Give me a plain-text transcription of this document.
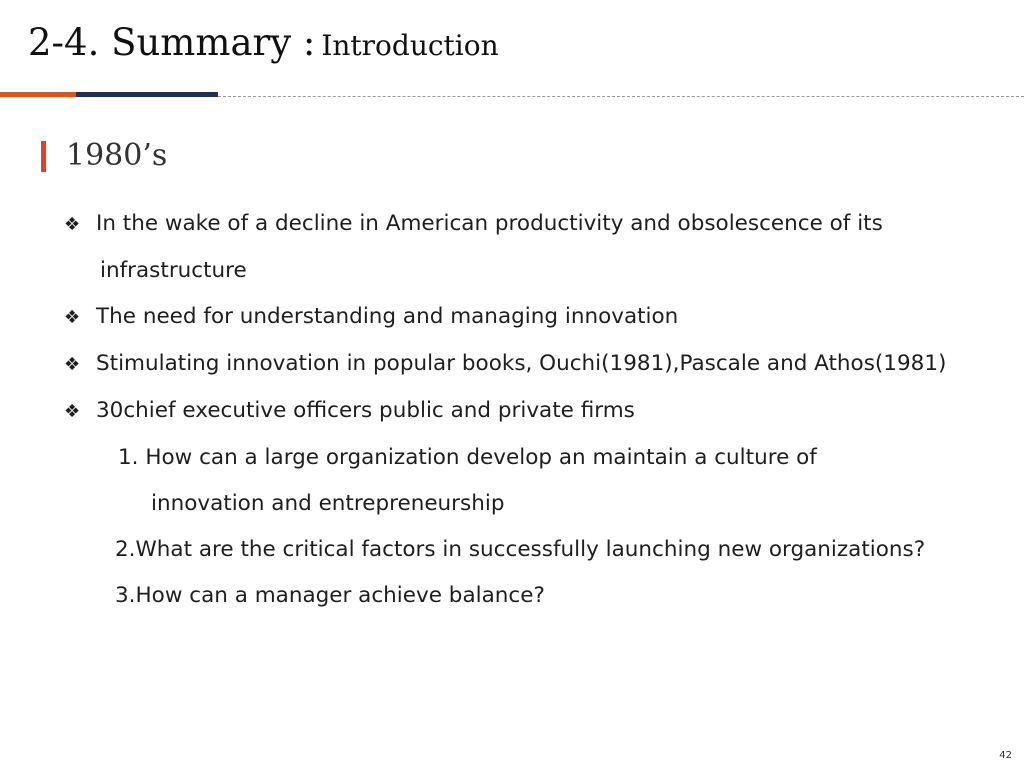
2-4. Summary : Introduction
1980’s
❖ In the wake of a decline in American productivity and obsolescence of its
infrastructure
❖ The need for understanding and managing innovation
❖ Stimulating innovation in popular books, Ouchi(1981),Pascale and Athos(1981)
❖ 30chief executive officers public and private firms
1. How can a large organization develop an maintain a culture of
innovation and entrepreneurship
2.What are the critical factors in successfully launching new organizations?
3.How can a manager achieve balance?
42
